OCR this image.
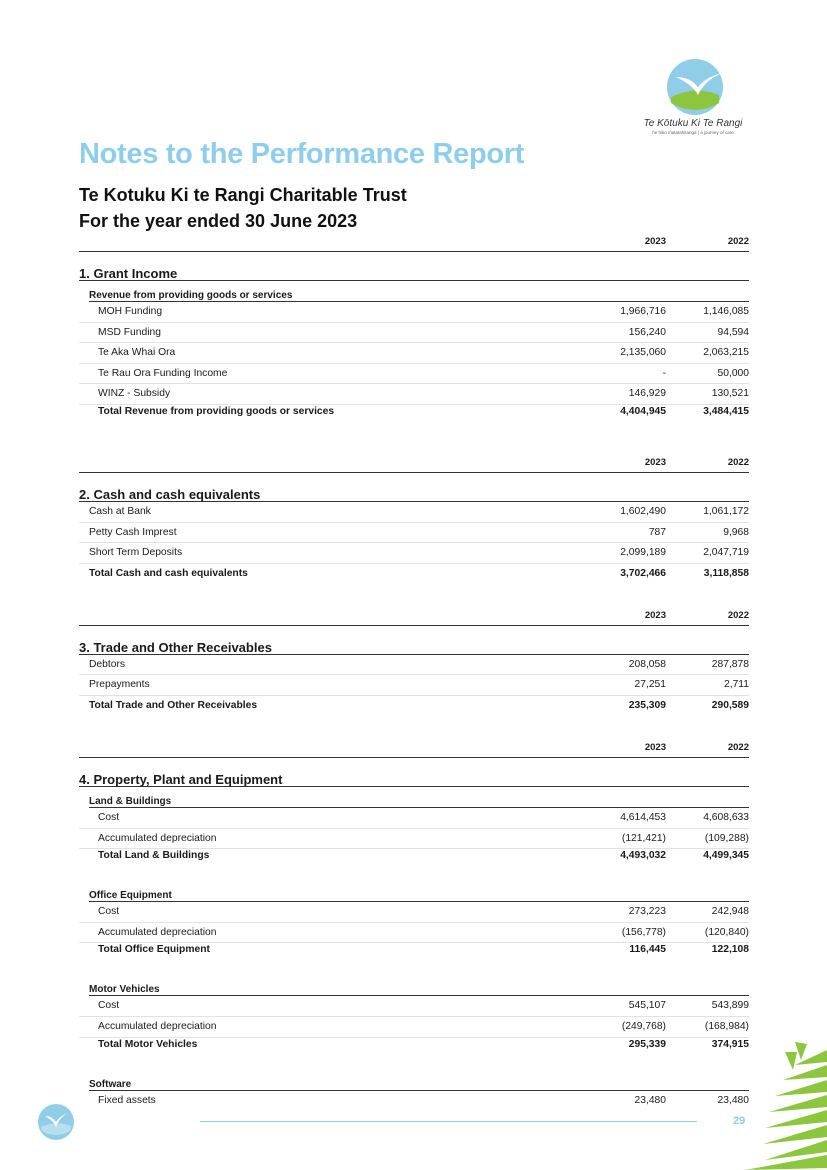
Te Kōtuku Ki Te Rangi
he hiko matatahitanga | a journey of care
Notes to the Performance Report
Te Kotuku Ki te Rangi Charitable Trust
For the year ended 30 June 2023
2023	2022
1. Grant Income
Revenue from providing goods or services
MOH Funding	1,966,716	1,146,085
MSD Funding	156,240	94,594
Te Aka Whai Ora	2,135,060	2,063,215
Te Rau Ora Funding Income	-	50,000
WINZ - Subsidy	146,929	130,521
Total Revenue from providing goods or services	4,404,945	3,484,415
2023	2022
2. Cash and cash equivalents
Cash at Bank	1,602,490	1,061,172
Petty Cash Imprest	787	9,968
Short Term Deposits	2,099,189	2,047,719
Total Cash and cash equivalents	3,702,466	3,118,858
2023	2022
3. Trade and Other Receivables
Debtors	208,058	287,878
Prepayments	27,251	2,711
Total Trade and Other Receivables	235,309	290,589
2023	2022
4. Property, Plant and Equipment
Land & Buildings
Cost	4,614,453	4,608,633
Accumulated depreciation	(121,421)	(109,288)
Total Land & Buildings	4,493,032	4,499,345
Office Equipment
Cost	273,223	242,948
Accumulated depreciation	(156,778)	(120,840)
Total Office Equipment	116,445	122,108
Motor Vehicles
Cost	545,107	543,899
Accumulated depreciation	(249,768)	(168,984)
Total Motor Vehicles	295,339	374,915
Software
Fixed assets	23,480	23,480
29
